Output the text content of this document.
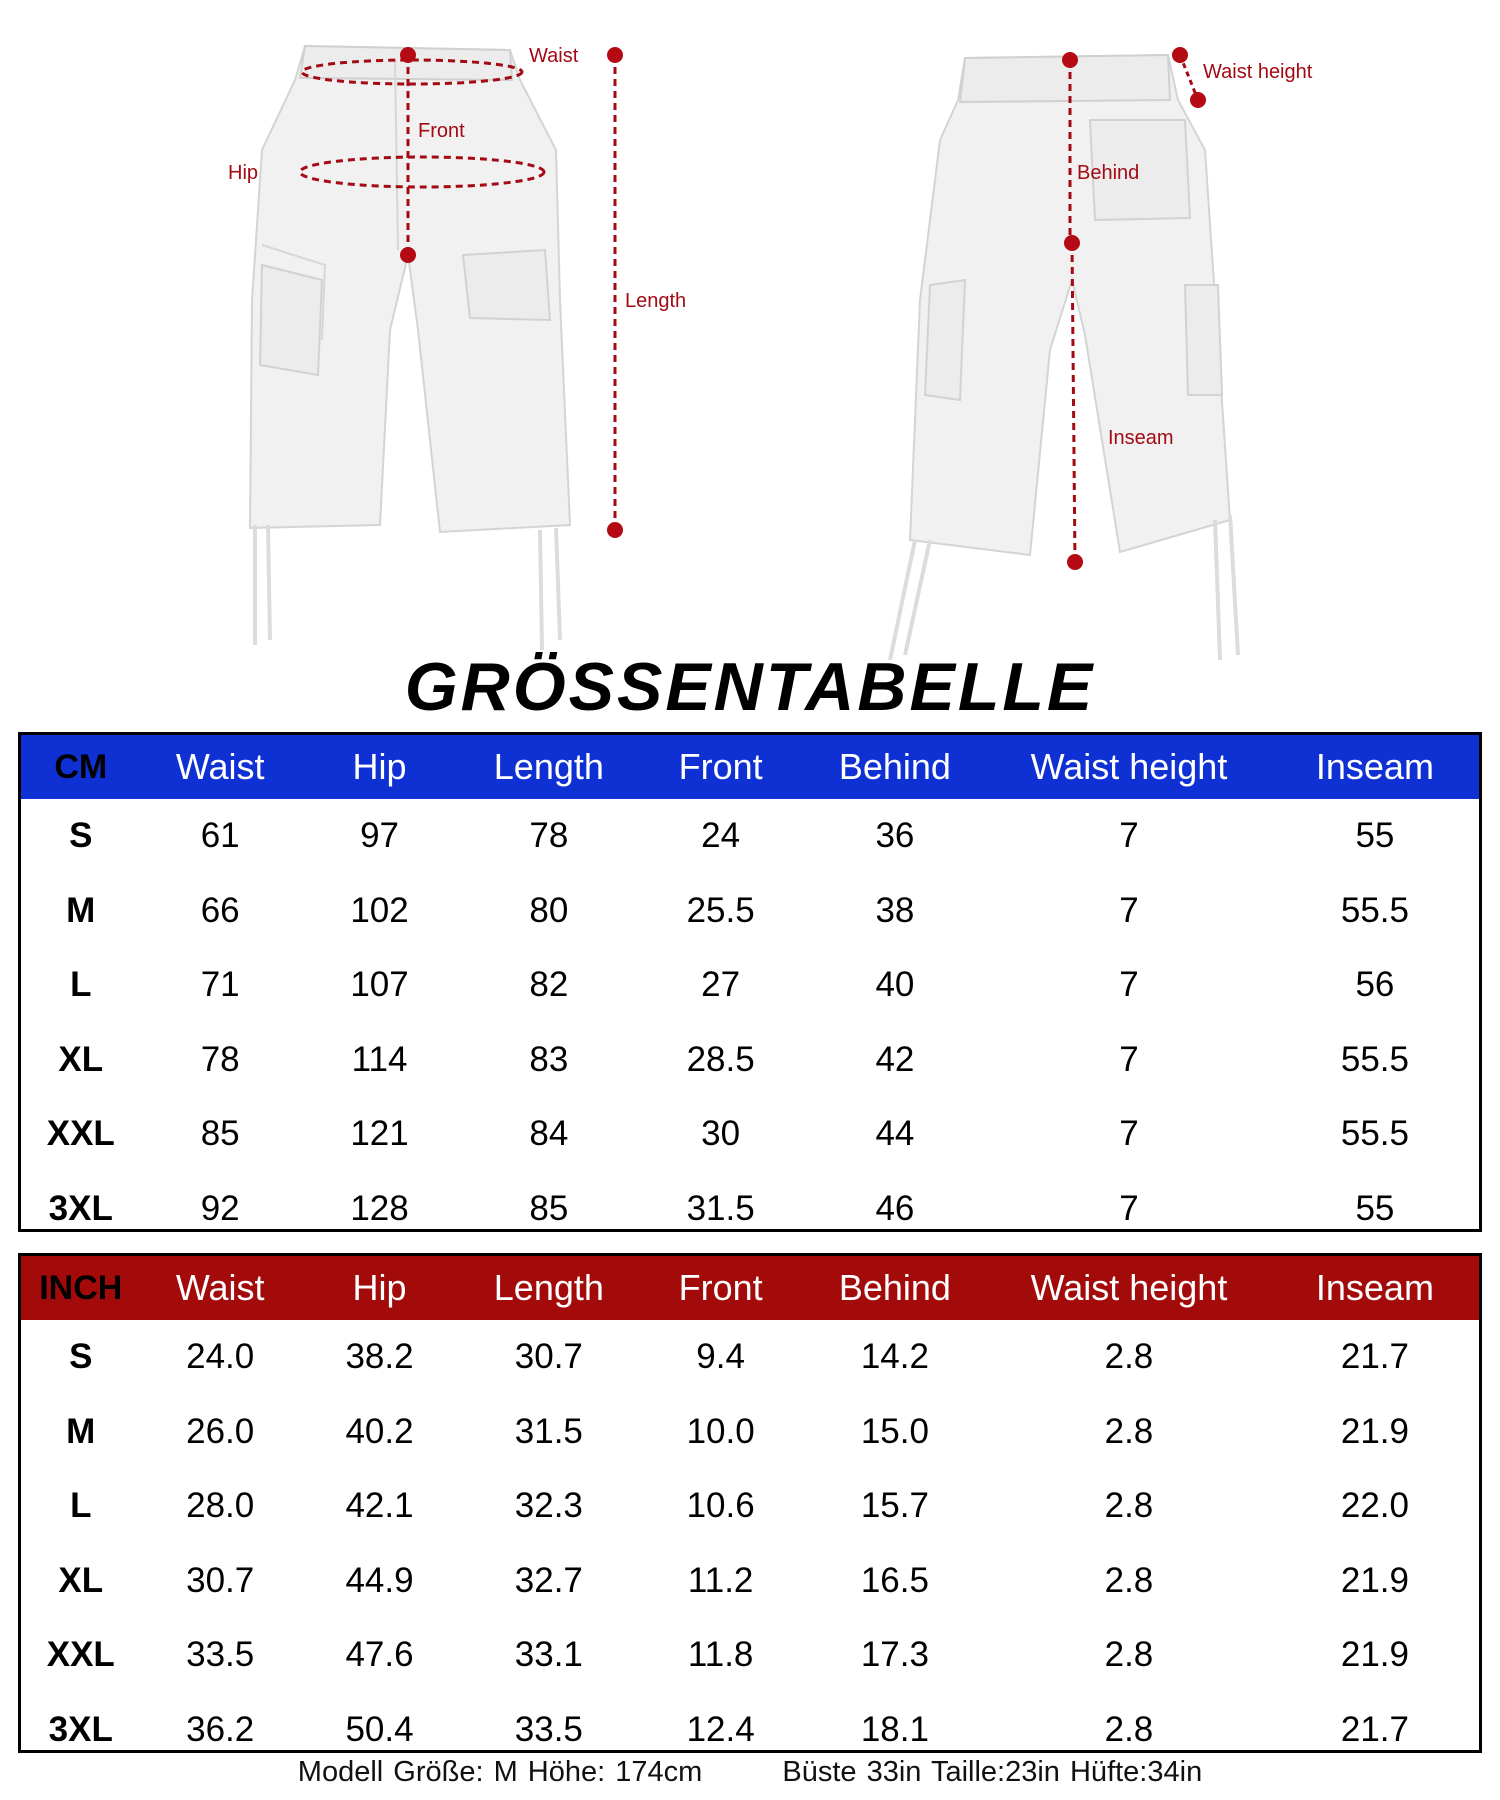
Waist
Front
Hip
Length
Waist height
Behind
Inseam
GRÖSSENTABELLE
CM	Waist	Hip	Length	Front	Behind	Waist height	Inseam
S	61	97	78	24	36	7	55
M	66	102	80	25.5	38	7	55.5
L	71	107	82	27	40	7	56
XL	78	114	83	28.5	42	7	55.5
XXL	85	121	84	30	44	7	55.5
3XL	92	128	85	31.5	46	7	55
INCH	Waist	Hip	Length	Front	Behind	Waist height	Inseam
S	24.0	38.2	30.7	9.4	14.2	2.8	21.7
M	26.0	40.2	31.5	10.0	15.0	2.8	21.9
L	28.0	42.1	32.3	10.6	15.7	2.8	22.0
XL	30.7	44.9	32.7	11.2	16.5	2.8	21.9
XXL	33.5	47.6	33.1	11.8	17.3	2.8	21.9
3XL	36.2	50.4	33.5	12.4	18.1	2.8	21.7
Modell Größe: M Höhe: 174cm	Büste 33in Taille:23in Hüfte:34in
